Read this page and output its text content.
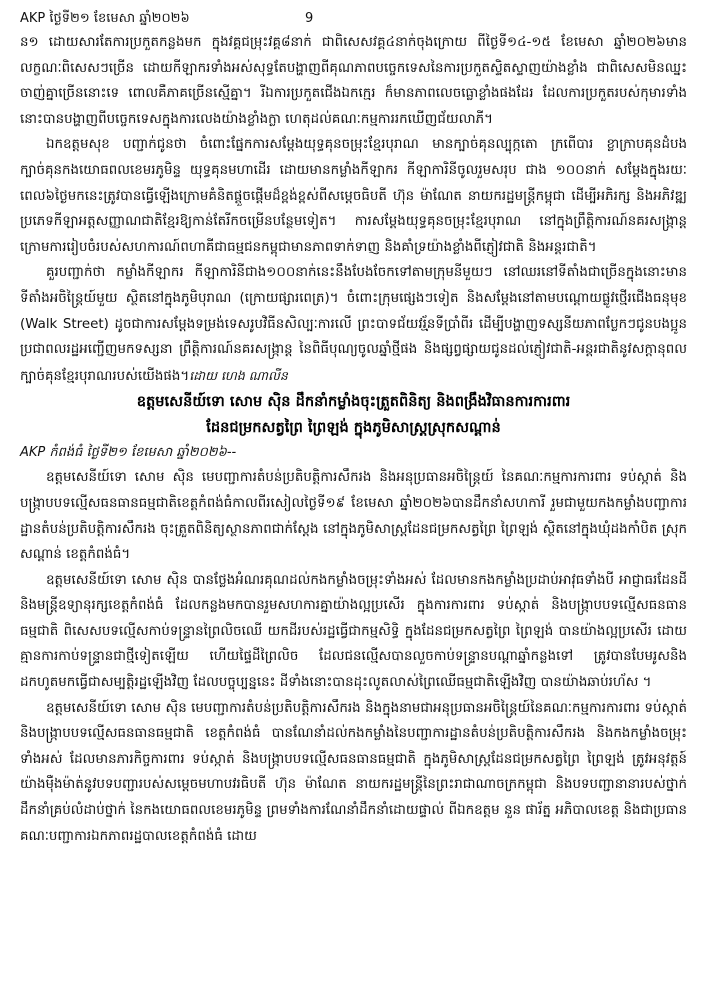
AKP ថ្ងៃទី២១ ខែមេសា ឆ្នាំ២០២៦	9

ន១ ដោយសារតែការប្រកួតកន្លងមក ក្នុងវគ្គជម្រុះវគ្គ៨នាក់ ជាពិសេសវគ្គ៤នាក់ចុងក្រោយ ពីថ្ងៃទី១៤-១៥ ខែមេសា ឆ្នាំ២០២៦មានលក្ខណៈពិសេសៗច្រើន ដោយកីឡាករទាំងអស់សុទ្ធតែបង្ហាញពីគុណភាពបច្ចេកទេសនៃការប្រកួតស្ទិតស្ទាញយ៉ាងខ្លាំង ជាពិសេសមិនឈ្នះចាញ់គ្នាច្រើននោះទេ ពោលគឺភាគច្រើនស្មើគ្នា។ រីឯការប្រកួតជើងឯកក្មេរ ក៏មានភាពលេចធ្លោខ្លាំងផងដែរ ដែលការប្រកួតរបស់កុមារទាំងនោះបានបង្ហាញពីបច្ចេកទេសក្នុងការលេងយ៉ាងខ្លាំងក្លា ហេតុដល់គណៈកម្មការរកឃើញជ័យលាភី។

ឯកឧត្តមសុខ បញ្ជាក់ជូនថា ចំពោះផ្នែកការសម្ដែងយុទ្ធគុនចម្រុះខ្មែរបុរាណ មានក្បាច់គុនល្បុក្កតោ ក្រពើបារ ខ្លាក្រាបគុនដំបង ក្បាច់គុនកងយោធពលខេមរភូមិន្ទ យុទ្ធគុនមហាដើរ ដោយមានកម្លាំងកីឡាករ កីឡាការិនីចូលរួមសរុប ជាង ១០០នាក់ សម្ដែងក្នុងរយៈពេល៦ថ្ងៃមកនេះត្រូវបានធ្វើឡើងក្រោមគំនិតផ្ដួចផ្ដើមដ៏ខ្ពង់ខ្ពស់ពីសម្ដេចធិបតី ហ៊ុន ម៉ាណែត នាយករដ្ឋមន្ត្រីកម្ពុជា ដើម្បីអភិរក្ស និងអភិវឌ្ឍប្រភេទកីឡាអត្តសញ្ញាណជាតិខ្មែរឱ្យកាន់តែរីកចម្រើនបន្ថែមទៀត។ ការសម្ដែងយុទ្ធគុនចម្រុះខ្មែរបុរាណ នៅក្នុងព្រឹត្តិការណ៍នគរសង្ក្រាន្ត ក្រោមការរៀបចំរបស់សហការណ៍ពហាគីជាធម្មជនកម្ពុជាមានភាពទាក់ទាញ និងគាំទ្រយ៉ាងខ្លាំងពីភ្ញៀវជាតិ និងអន្តរជាតិ។

គួរបញ្ជាក់ថា កម្លាំងកីឡាករ កីឡាការិនីជាង១០០នាក់នេះនឹងបែងចែកទៅតាមក្រុមនីមួយៗ នៅឈរនៅទីតាំងជាច្រើនក្នុងនោះមានទីតាំងអចិន្ត្រៃយ៍មួយ ស្ថិតនៅក្នុងភូមិបុរាណ (ក្រោយផ្សារពេត្រ)។ ចំពោះក្រុមផ្សេងៗទៀត និងសម្ដែងនៅតាមបណ្ដោយផ្លូវថ្មើរជើងធនុមុខ (Walk Street) ដូចជាការសម្ដែងទម្រង់ទេសរូបវិធីនសិល្បៈការលើ ព្រះបាទជ័យវរ្ម័នទីប្រាំពីរ ដើម្បីបង្ហាញទស្សនីយភាពប្លែកៗជូនបងប្អូនប្រជាពលរដ្ឋអញ្ជើញមកទស្សនា ព្រឹត្តិការណ៍នគរសង្ក្រាន្ត នៃពិធីបុណ្យចូលឆ្នាំថ្មីផង និងផ្សព្វផ្សាយជូនដល់ភ្ញៀវជាតិ-អន្តរជាតិនូវសក្ដានុពលក្បាច់គុនខ្មែរបុរាណរបស់យើងផង។ដោយ ហេង ណាលីន

ឧត្តមសេនីយ៍ទោ សោម ស៊ិន ដឹកនាំកម្លាំងចុះត្រួតពិនិត្យ និងពង្រឹងវិធានការការពារ
ដែនជម្រកសត្វព្រៃ ព្រៃឡង់ ក្នុងភូមិសាស្ត្រស្រុកសណ្ដាន់
AKP កំពង់ធំ ថ្ងៃទី២១ ខែមេសា ឆ្នាំ២០២៦--

ឧត្តមសេនីយ៍ទោ សោម ស៊ិន មេបញ្ជាការតំបន់ប្រតិបត្តិការសឹករង និងអនុប្រធានអចិន្ត្រៃយ៍ នៃគណៈកម្មការការពារ ទប់ស្កាត់ និងបង្ក្រាបបទល្មើសធនធានធម្មជាតិខេត្តកំពង់ធំកាលពីរសៀលថ្ងៃទី១៩ ខែមេសា ឆ្នាំ២០២៦បានដឹកនាំសហការី រួមជាមួយកងកម្លាំងបញ្ជាការដ្ឋានតំបន់ប្រតិបត្តិការសឹករង ចុះត្រួតពិនិត្យស្ថានភាពជាក់ស្ដែង នៅក្នុងភូមិសាស្ត្រដែនជម្រកសត្វព្រៃ ព្រៃឡង់ ស្ថិតនៅក្នុងឃុំដងកាំបិត ស្រុកសណ្ដាន់ ខេត្តកំពង់ធំ។

ឧត្តមសេនីយ៍ទោ សោម ស៊ិន បានថ្លែងអំណរគុណដល់កងកម្លាំងចម្រុះទាំងអស់ ដែលមានកងកម្លាំងប្រដាប់អាវុធទាំងបី អាជ្ញាធរដែនដី និងមន្ត្រីឧទ្យានុរក្សខេត្តកំពង់ធំ ដែលកន្លងមកបានរួមសហការគ្នាយ៉ាងល្អប្រសើរ ក្នុងការការពារ ទប់ស្កាត់ និងបង្ក្រាបបទល្មើសធនធានធម្មជាតិ ពិសេសបទល្មើសកាប់ទន្ទ្រានព្រៃលិចឈើ យកដីរបស់រដ្ឋធ្វើជាកម្មសិទ្ធិ ក្នុងដែនជម្រកសត្វព្រៃ ព្រៃឡង់ បានយ៉ាងល្អប្រសើរ ដោយគ្មានការកាប់ទន្ទ្រានជាថ្មីទៀតឡើយ ហើយផ្ទៃដីព្រៃលិច ដែលជនល្មើសបានលួចកាប់ទន្ទ្រានបណ្ដាឆ្នាំកន្លងទៅ ត្រូវបានបែមរូសនិងដកហូតមកធ្វើជាសម្បត្តិរដ្ឋឡើងវិញ ដែលបច្ចុប្បន្ននេះ ដីទាំងនោះបានដុះលូតលាស់ព្រៃឈើធម្មជាតិឡើងវិញ បានយ៉ាងឆាប់រហ័ស ។

ឧត្តមសេនីយ៍ទោ សោម ស៊ិន មេបញ្ជាការតំបន់ប្រតិបត្តិការសឹករង និងក្នុងនាមជាអនុប្រធានអចិន្ត្រៃយ៍នៃគណៈកម្មការការពារ ទប់ស្កាត់ និងបង្ក្រាបបទល្មើសធនធានធម្មជាតិ ខេត្តកំពង់ធំ បានណែនាំដល់កងកម្លាំងនៃបញ្ជាការដ្ឋានតំបន់ប្រតិបត្តិការសឹករង និងកងកម្លាំងចម្រុះទាំងអស់ ដែលមានភារកិច្ចការពារ ទប់ស្កាត់ និងបង្ក្រាបបទល្មើសធនធានធម្មជាតិ ក្នុងភូមិសាស្ត្រដែនជម្រកសត្វព្រៃ ព្រៃឡង់ ត្រូវអនុវត្តន៍យ៉ាងម៉ឺងម៉ាត់នូវបទបញ្ជារបស់សម្ដេចមហាបវរធិបតី ហ៊ុន ម៉ាណែត នាយករដ្ឋមន្ត្រីនៃព្រះរាជាណាចក្រកម្ពុជា និងបទបញ្ជានានារបស់ថ្នាក់ដឹកនាំគ្រប់លំដាប់ថ្នាក់ នៃកងយោធពលខេមរភូមិន្ទ ព្រមទាំងការណែនាំដឹកនាំដោយផ្ទាល់ ពីឯកឧត្តម នួន ផារ័ត្ន អភិបាលខេត្ត និងជាប្រធានគណៈបញ្ជាការឯកភាពរដ្ឋបាលខេត្តកំពង់ធំ ដោយ
